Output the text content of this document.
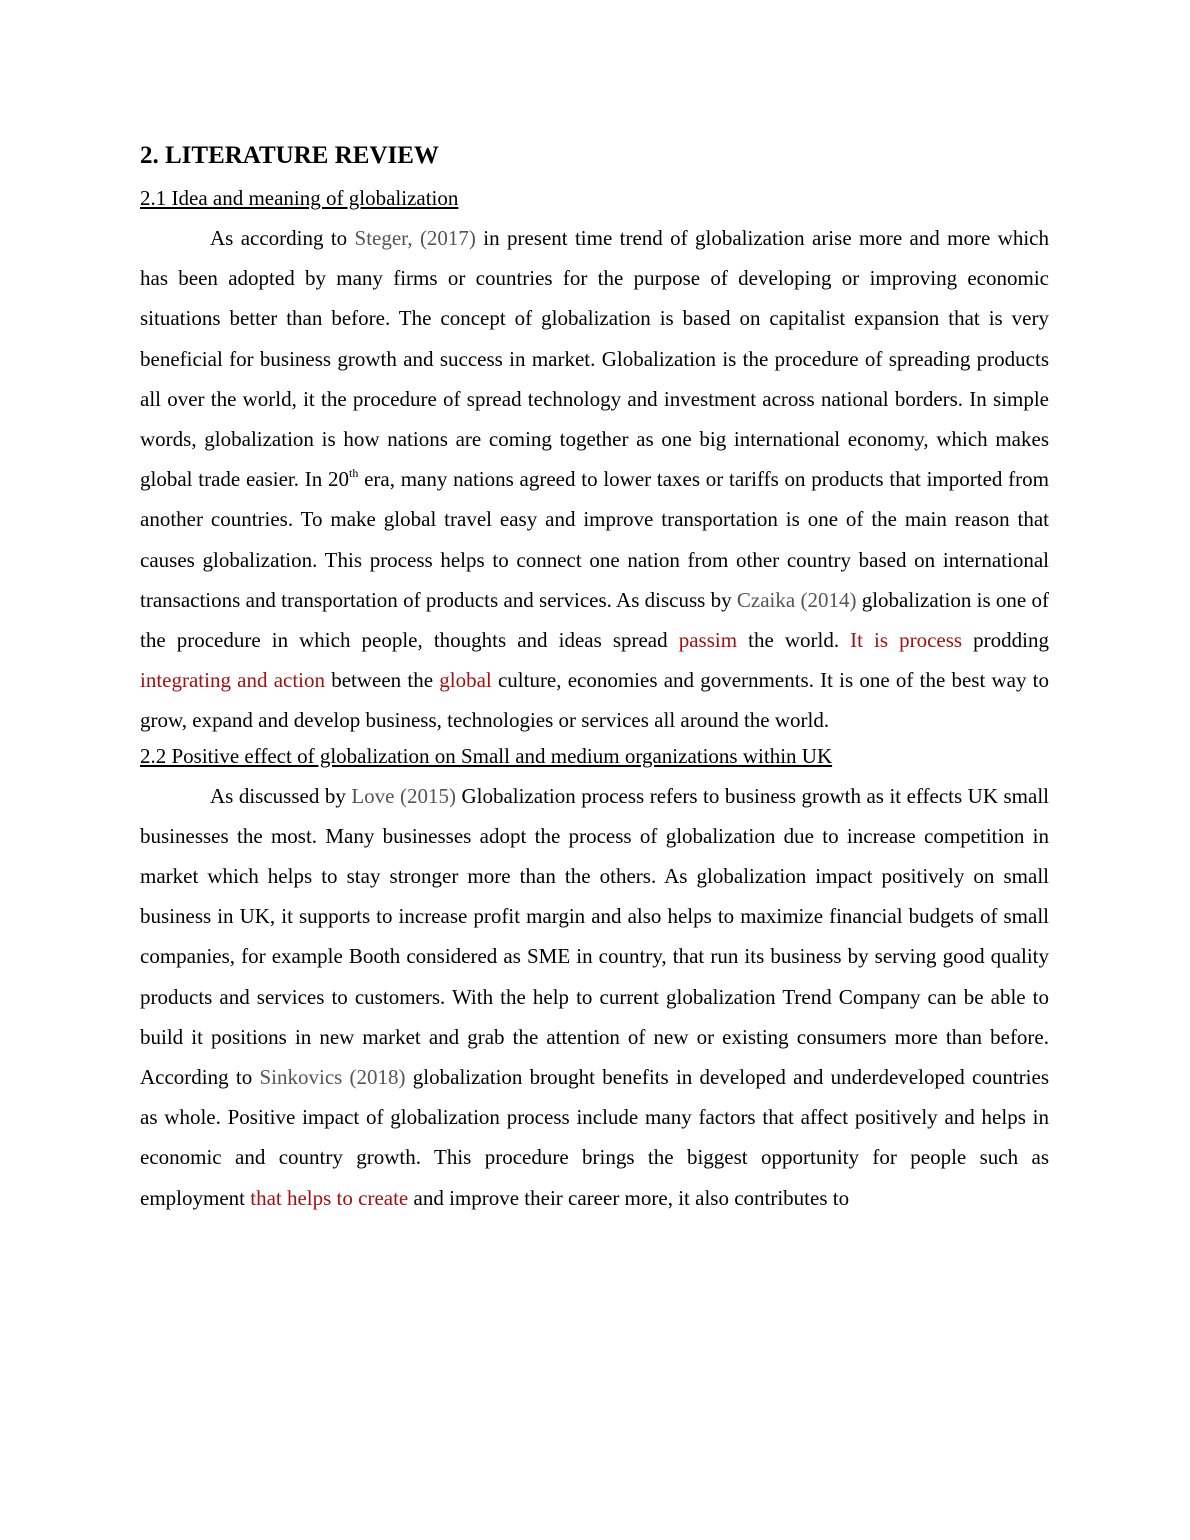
2. LITERATURE REVIEW
2.1 Idea and meaning of globalization

As according to Steger, (2017) in present time trend of globalization arise more and more which has been adopted by many firms or countries for the purpose of developing or improving economic situations better than before. The concept of globalization is based on capitalist expansion that is very beneficial for business growth and success in market. Globalization is the procedure of spreading products all over the world, it the procedure of spread technology and investment across national borders. In simple words, globalization is how nations are coming together as one big international economy, which makes global trade easier. In 20th era, many nations agreed to lower taxes or tariffs on products that imported from another countries. To make global travel easy and improve transportation is one of the main reason that causes globalization. This process helps to connect one nation from other country based on international transactions and transportation of products and services. As discuss by Czaika (2014) globalization is one of the procedure in which people, thoughts and ideas spread passim the world. It is process prodding integrating and action between the global culture, economies and governments. It is one of the best way to grow, expand and develop business, technologies or services all around the world.

2.2 Positive effect of globalization on Small and medium organizations within UK

As discussed by Love (2015) Globalization process refers to business growth as it effects UK small businesses the most. Many businesses adopt the process of globalization due to increase competition in market which helps to stay stronger more than the others. As globalization impact positively on small business in UK, it supports to increase profit margin and also helps to maximize financial budgets of small companies, for example Booth considered as SME in country, that run its business by serving good quality products and services to customers. With the help to current globalization Trend Company can be able to build it positions in new market and grab the attention of new or existing consumers more than before. According to Sinkovics (2018) globalization brought benefits in developed and underdeveloped countries as whole. Positive impact of globalization process include many factors that affect positively and helps in economic and country growth. This procedure brings the biggest opportunity for people such as employment that helps to create and improve their career more, it also contributes to
